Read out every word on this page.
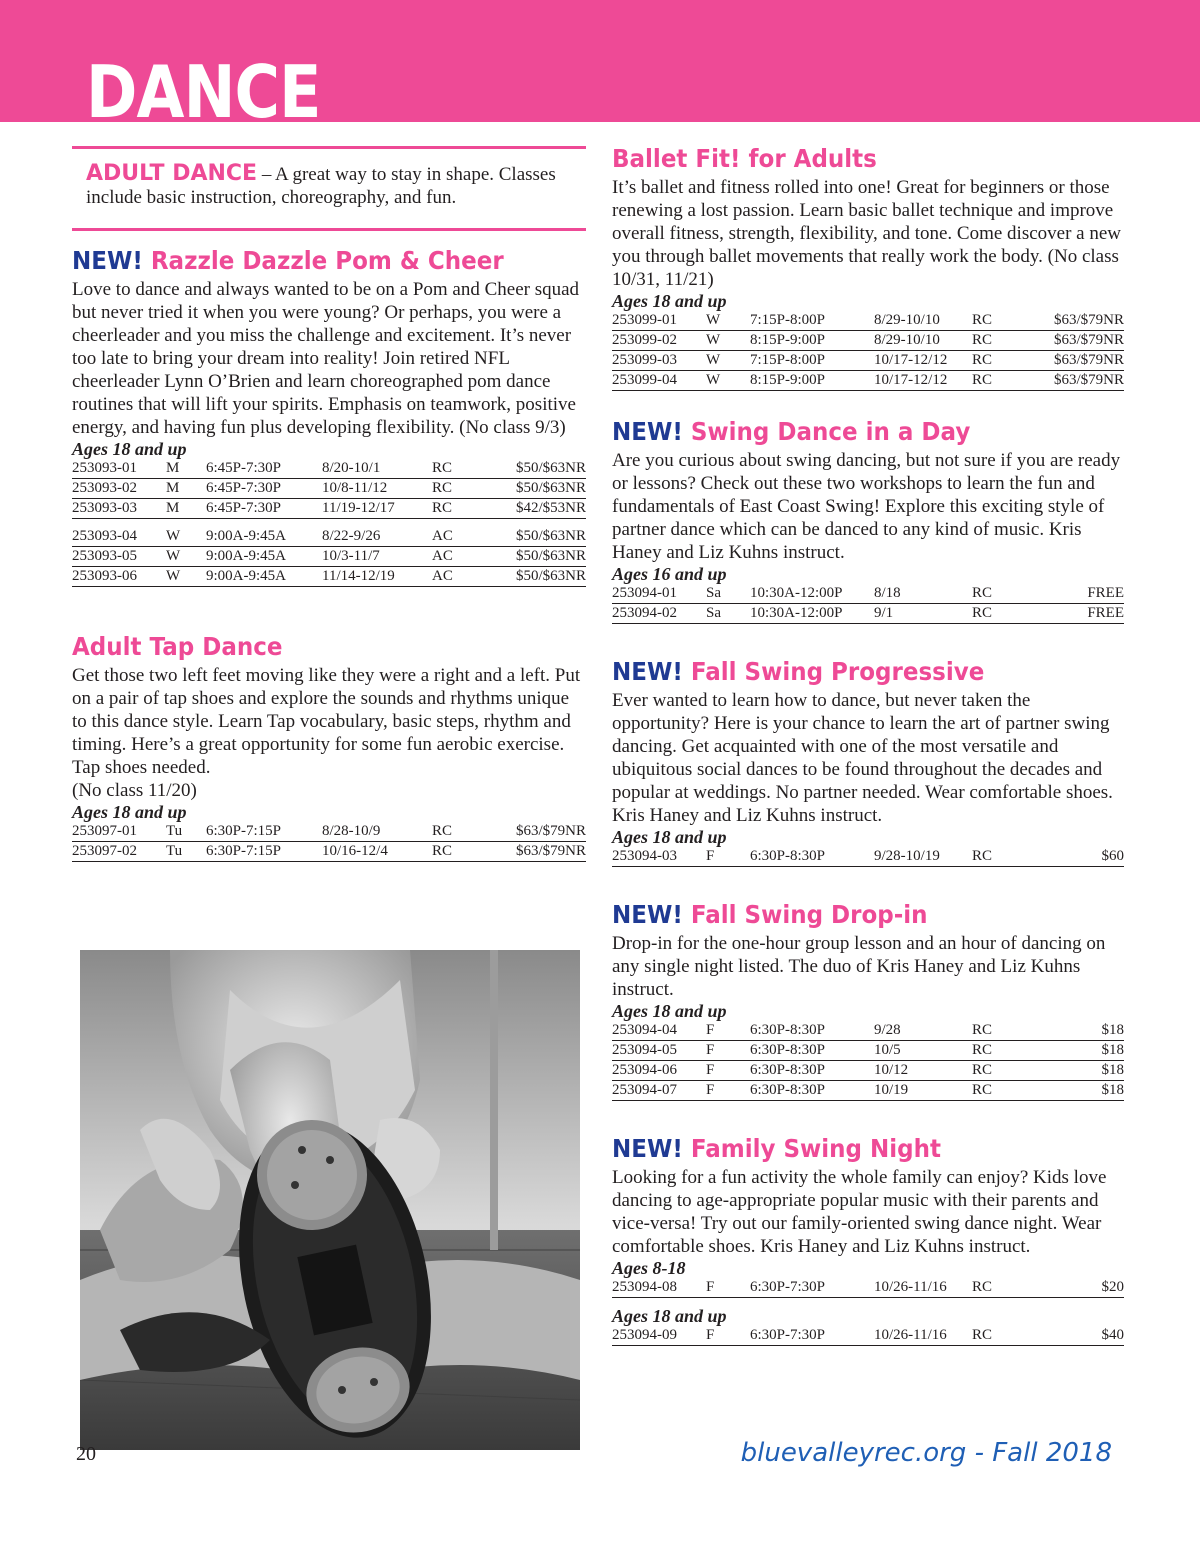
DANCE
ADULT DANCE – A great way to stay in shape. Classes include basic instruction, choreography, and fun.
NEW! Razzle Dazzle Pom & Cheer
Love to dance and always wanted to be on a Pom and Cheer squad but never tried it when you were young? Or perhaps, you were a cheerleader and you miss the challenge and excitement. It’s never too late to bring your dream into reality! Join retired NFL cheerleader Lynn O’Brien and learn choreographed pom dance routines that will lift your spirits. Emphasis on teamwork, positive energy, and having fun plus developing flexibility. (No class 9/3)
Ages 18 and up
253093-01	M	6:45P-7:30P	8/20-10/1	RC	$50/$63NR
253093-02	M	6:45P-7:30P	10/8-11/12	RC	$50/$63NR
253093-03	M	6:45P-7:30P	11/19-12/17	RC	$42/$53NR

253093-04	W	9:00A-9:45A	8/22-9/26	AC	$50/$63NR
253093-05	W	9:00A-9:45A	10/3-11/7	AC	$50/$63NR
253093-06	W	9:00A-9:45A	11/14-12/19	AC	$50/$63NR
Adult Tap Dance
Get those two left feet moving like they were a right and a left. Put on a pair of tap shoes and explore the sounds and rhythms unique to this dance style. Learn Tap vocabulary, basic steps, rhythm and timing. Here’s a great opportunity for some fun aerobic exercise. Tap shoes needed.
(No class 11/20)
Ages 18 and up
253097-01	Tu	6:30P-7:15P	8/28-10/9	RC	$63/$79NR
253097-02	Tu	6:30P-7:15P	10/16-12/4	RC	$63/$79NR
Ballet Fit! for Adults
It’s ballet and fitness rolled into one! Great for beginners or those renewing a lost passion. Learn basic ballet technique and improve overall fitness, strength, flexibility, and tone. Come discover a new you through ballet movements that really work the body. (No class 10/31, 11/21)
Ages 18 and up
253099-01	W	7:15P-8:00P	8/29-10/10	RC	$63/$79NR
253099-02	W	8:15P-9:00P	8/29-10/10	RC	$63/$79NR
253099-03	W	7:15P-8:00P	10/17-12/12	RC	$63/$79NR
253099-04	W	8:15P-9:00P	10/17-12/12	RC	$63/$79NR
NEW! Swing Dance in a Day
Are you curious about swing dancing, but not sure if you are ready or lessons? Check out these two workshops to learn the fun and fundamentals of East Coast Swing! Explore this exciting style of partner dance which can be danced to any kind of music. Kris Haney and Liz Kuhns instruct.
Ages 16 and up
253094-01	Sa	10:30A-12:00P	8/18	RC	FREE
253094-02	Sa	10:30A-12:00P	9/1	RC	FREE
NEW! Fall Swing Progressive
Ever wanted to learn how to dance, but never taken the opportunity? Here is your chance to learn the art of partner swing dancing. Get acquainted with one of the most versatile and ubiquitous social dances to be found throughout the decades and popular at weddings. No partner needed. Wear comfortable shoes. Kris Haney and Liz Kuhns instruct.
Ages 18 and up
253094-03	F	6:30P-8:30P	9/28-10/19	RC	$60
NEW! Fall Swing Drop-in
Drop-in for the one-hour group lesson and an hour of dancing on any single night listed. The duo of Kris Haney and Liz Kuhns instruct.
Ages 18 and up
253094-04	F	6:30P-8:30P	9/28	RC	$18
253094-05	F	6:30P-8:30P	10/5	RC	$18
253094-06	F	6:30P-8:30P	10/12	RC	$18
253094-07	F	6:30P-8:30P	10/19	RC	$18
NEW! Family Swing Night
Looking for a fun activity the whole family can enjoy? Kids love dancing to age-appropriate popular music with their parents and vice-versa! Try out our family-oriented swing dance night. Wear comfortable shoes. Kris Haney and Liz Kuhns instruct.
Ages 8-18
253094-08	F	6:30P-7:30P	10/26-11/16	RC	$20
Ages 18 and up
253094-09	F	6:30P-7:30P	10/26-11/16	RC	$40
20	bluevalleyrec.org - Fall 2018
